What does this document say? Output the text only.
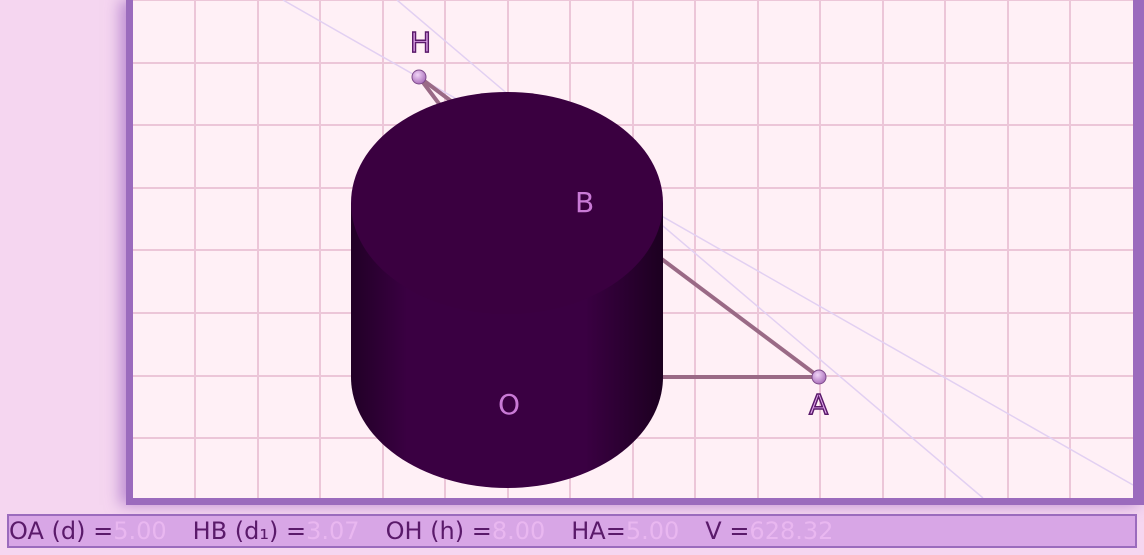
H
A
B
O
OA (d) = 5.00 HB (d₁) = 3.07 OH (h) = 8.00 HA= 5.00 V = 628.32
